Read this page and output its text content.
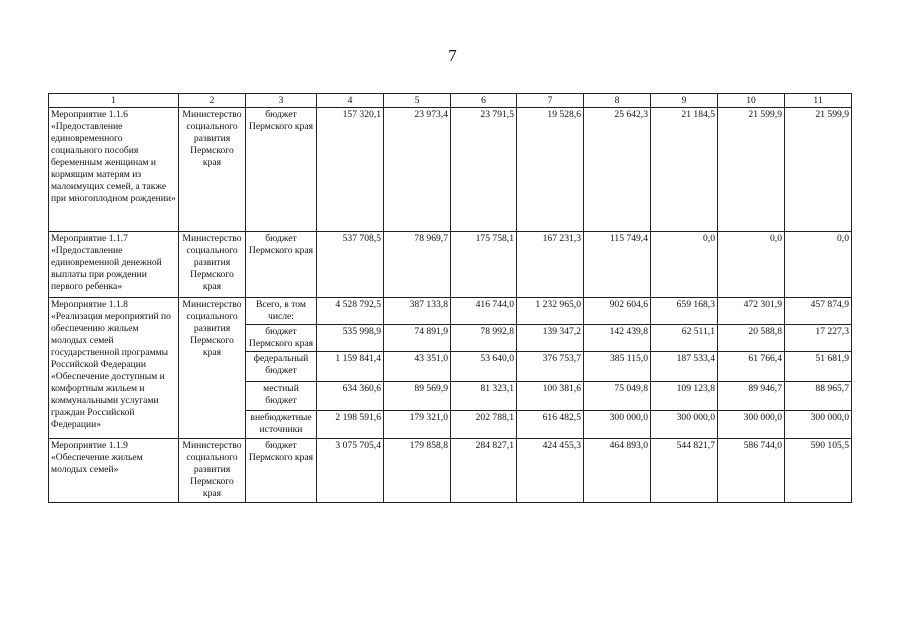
7
1	2	3	4	5	6	7	8	9	10	11
Мероприятие 1.1.6 «Предоставление единовременного социального пособия беременным женщинам и кормящим матерям из малоимущих семей, а также при многоплодном рождении»	Министерство социального развития Пермского края	бюджет Пермского края	157 320,1	23 973,4	23 791,5	19 528,6	25 642,3	21 184,5	21 599,9	21 599,9
Мероприятие 1.1.7 «Предоставление единовременной денежной выплаты при рождении первого ребенка»	Министерство социального развития Пермского края	бюджет Пермского края	537 708,5	78 969,7	175 758,1	167 231,3	115 749,4	0,0	0,0	0,0
Мероприятие 1.1.8 «Реализация мероприятий по обеспечению жильем молодых семей государственной программы Российской Федерации «Обеспечение доступным и комфортным жильем и коммунальными услугами граждан Российской Федерации»	Министерство социального развития Пермского края	Всего, в том числе:	4 528 792,5	387 133,8	416 744,0	1 232 965,0	902 604,6	659 168,3	472 301,9	457 874,9
		бюджет Пермского края	535 998,9	74 891,9	78 992,8	139 347,2	142 439,8	62 511,1	20 588,8	17 227,3
		федеральный бюджет	1 159 841,4	43 351,0	53 640,0	376 753,7	385 115,0	187 533,4	61 766,4	51 681,9
		местный бюджет	634 360,6	89 569,9	81 323,1	100 381,6	75 049,8	109 123,8	89 946,7	88 965,7
		внебюджетные источники	2 198 591,6	179 321,0	202 788,1	616 482,5	300 000,0	300 000,0	300 000,0	300 000,0
Мероприятие 1.1.9 «Обеспечение жильем молодых семей»	Министерство социального развития Пермского края	бюджет Пермского края	3 075 705,4	179 858,8	284 827,1	424 455,3	464 893,0	544 821,7	586 744,0	590 105,5
